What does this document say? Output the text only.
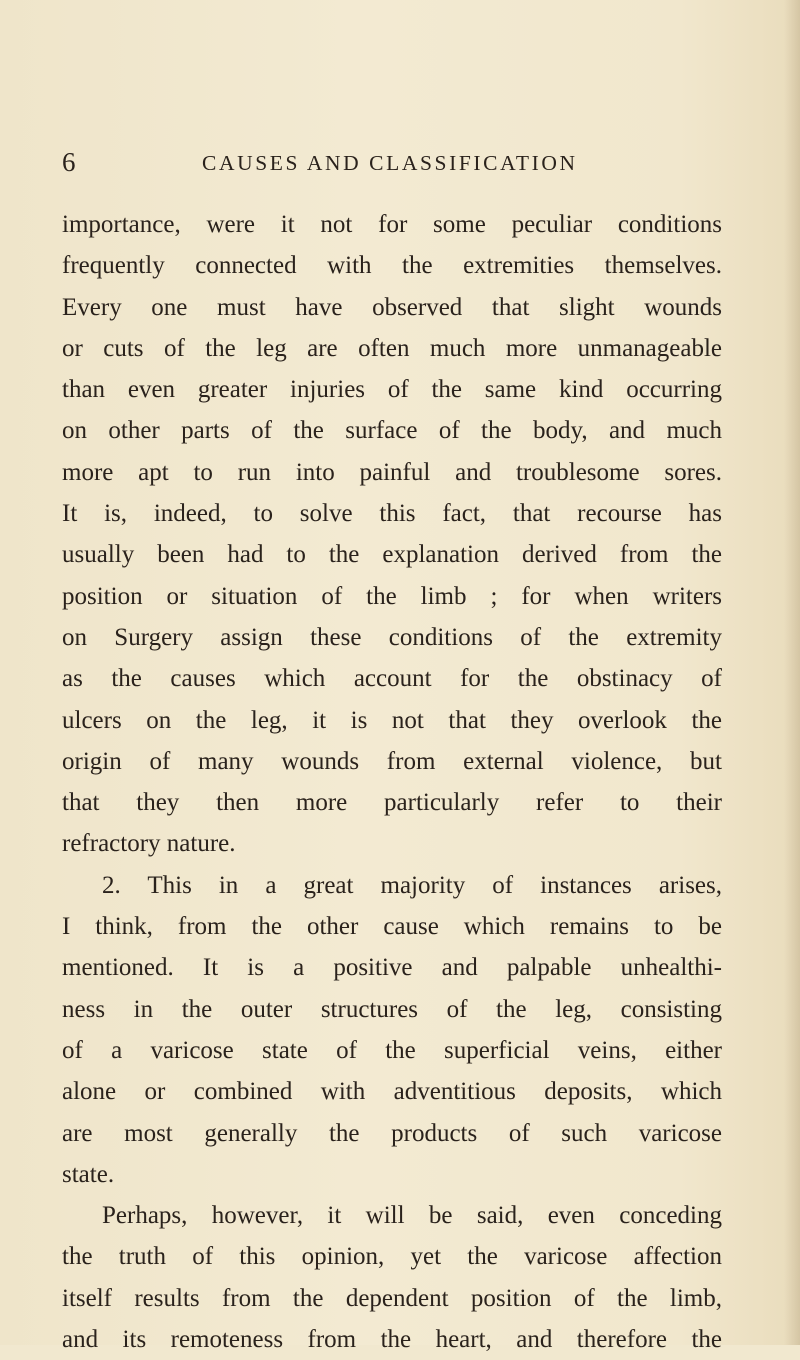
6	CAUSES AND CLASSIFICATION

importance, were it not for some peculiar conditions

frequently connected with the extremities themselves.

Every one must have observed that slight wounds

or cuts of the leg are often much more unmanageable

than even greater injuries of the same kind occurring

on other parts of the surface of the body, and much

more apt to run into painful and troublesome sores.

It is, indeed, to solve this fact, that recourse has

usually been had to the explanation derived from the

position or situation of the limb ; for when writers

on Surgery assign these conditions of the extremity

as the causes which account for the obstinacy of

ulcers on the leg, it is not that they overlook the

origin of many wounds from external violence, but

that they then more particularly refer to their

refractory nature.

2. This in a great majority of instances arises,

I think, from the other cause which remains to be

mentioned. It is a positive and palpable unhealthi-

ness in the outer structures of the leg, consisting

of a varicose state of the superficial veins, either

alone or combined with adventitious deposits, which

are most generally the products of such varicose

state.

Perhaps, however, it will be said, even conceding

the truth of this opinion, yet the varicose affection

itself results from the dependent position of the limb,

and its remoteness from the heart, and therefore the
